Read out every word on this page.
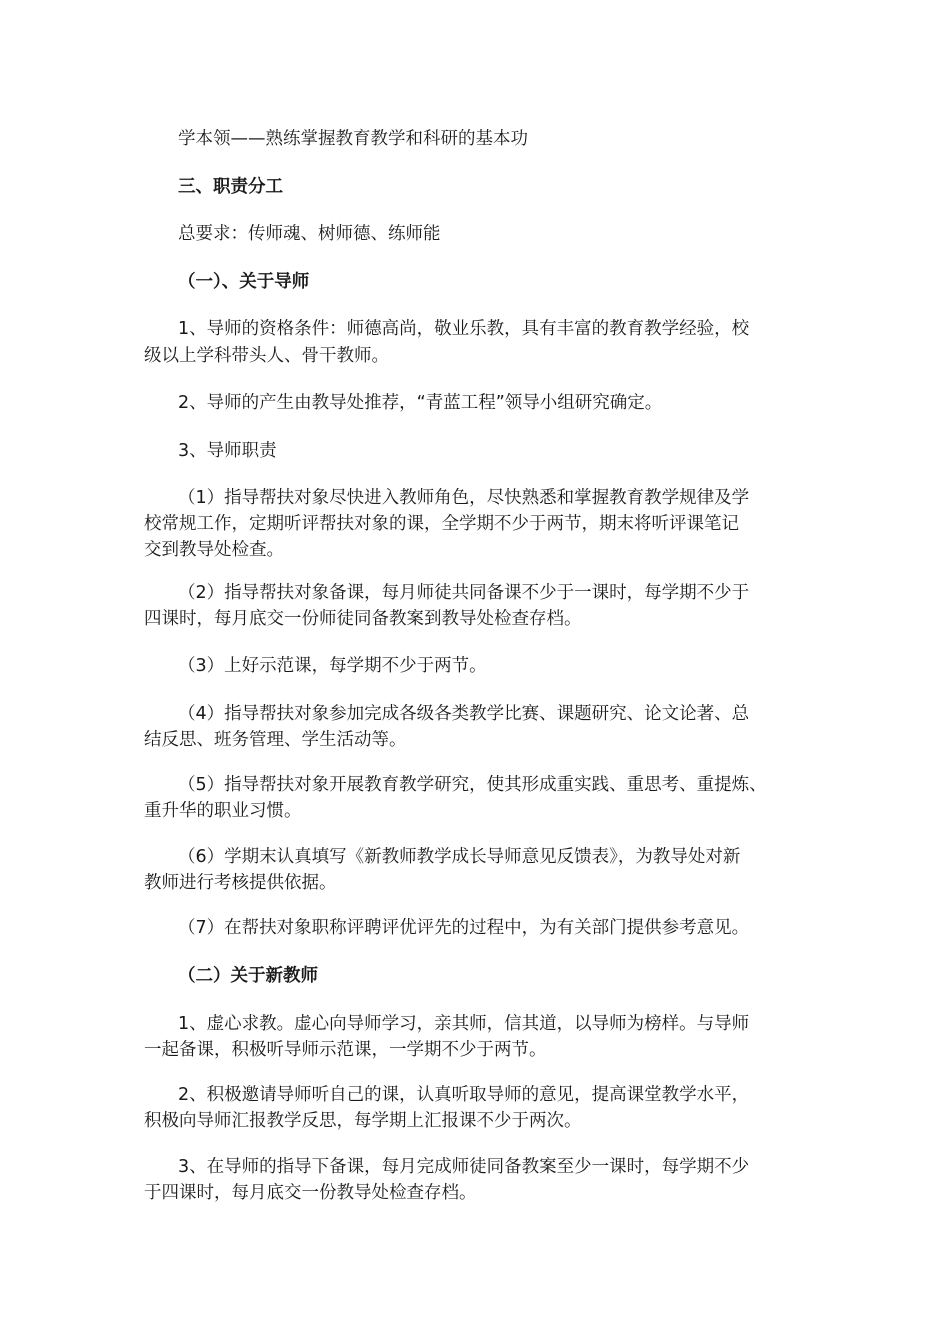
学本领——熟练掌握教育教学和科研的基本功
三、职责分工
总要求：传师魂、树师德、练师能
（一）、关于导师
1、导师的资格条件：师德高尚，敬业乐教，具有丰富的教育教学经验，校
级以上学科带头人、骨干教师。
2、导师的产生由教导处推荐，“青蓝工程”领导小组研究确定。
3、导师职责
（1）指导帮扶对象尽快进入教师角色，尽快熟悉和掌握教育教学规律及学
校常规工作，定期听评帮扶对象的课，全学期不少于两节，期末将听评课笔记
交到教导处检查。
（2）指导帮扶对象备课，每月师徒共同备课不少于一课时，每学期不少于
四课时，每月底交一份师徒同备教案到教导处检查存档。
（3）上好示范课，每学期不少于两节。
（4）指导帮扶对象参加完成各级各类教学比赛、课题研究、论文论著、总
结反思、班务管理、学生活动等。
（5）指导帮扶对象开展教育教学研究，使其形成重实践、重思考、重提炼、
重升华的职业习惯。
（6）学期末认真填写《新教师教学成长导师意见反馈表》，为教导处对新
教师进行考核提供依据。
（7）在帮扶对象职称评聘评优评先的过程中，为有关部门提供参考意见。
（二）关于新教师
1、虚心求教。虚心向导师学习，亲其师，信其道，以导师为榜样。与导师
一起备课，积极听导师示范课，一学期不少于两节。
2、积极邀请导师听自己的课，认真听取导师的意见，提高课堂教学水平，
积极向导师汇报教学反思，每学期上汇报课不少于两次。
3、在导师的指导下备课，每月完成师徒同备教案至少一课时，每学期不少
于四课时，每月底交一份教导处检查存档。
